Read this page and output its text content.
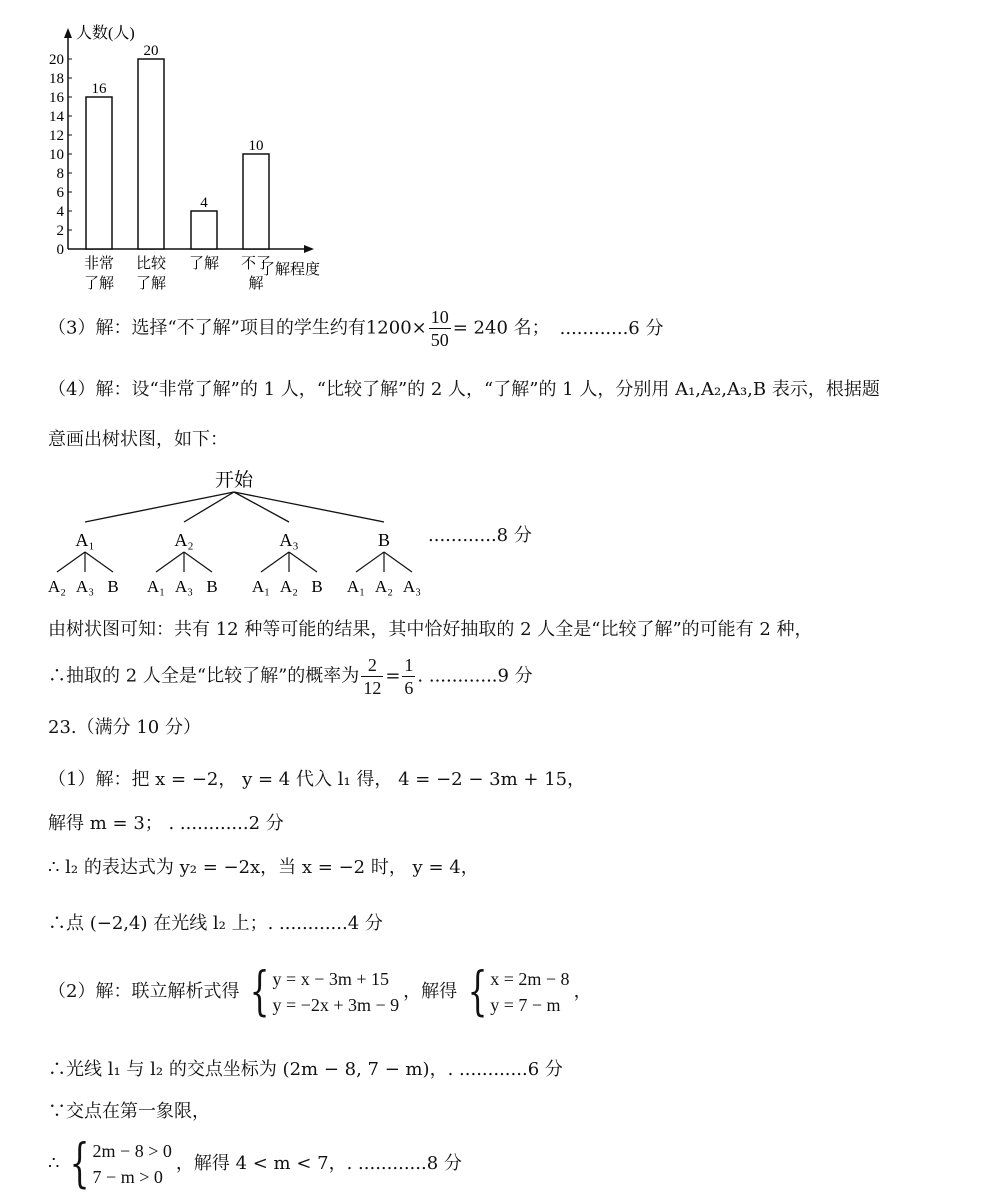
0
2
4
6
8
10
12
14
16
18
20
人数(人)
16
非常
了解
20
比较
了解
4
了解
10
不了
解
了解程度
（3）解：选择“不了解”项目的学生约有$1200\times \frac{10}{50} = 240$ 名； ............6 分
（4）解：设“非常了解”的 1 人，“比较了解”的 2 人，“了解”的 1 人，分别用 A₁,A₂,A₃,B 表示，根据题
意画出树状图，如下：
开始
A₁
A₂ A₃ B
A₂
A₁ A₃ B
A₃
A₁ A₂ B
B
A₁ A₂ A₃
............8 分
由树状图可知：共有 12 种等可能的结果，其中恰好抽取的 2 人全是“比较了解”的可能有 2 种，
∴抽取的 2 人全是“比较了解”的概率为 $\frac{2}{12} = \frac{1}{6}$ . ............9 分
23.（满分 10 分）
（1）解：把 x = −2， y = 4 代入 l₁ 得， 4 = −2 − 3m + 15，
解得 m = 3； . ............2 分
∴ l₂ 的表达式为 y₂ = −2x，当 x = −2 时， y = 4，
∴点 (−2,4) 在光线 l₂ 上；. ............4 分
（2）解：联立解析式得 { y = x − 3m + 15
y = −2x + 3m − 9
，解得 { x = 2m − 8
y = 7 − m
，
∴光线 l₁ 与 l₂ 的交点坐标为 (2m − 8, 7 − m)，. ............6 分
∵交点在第一象限，
∴ { 2m − 8 > 0
7 − m > 0
，解得 4 < m < 7，. ............8 分
